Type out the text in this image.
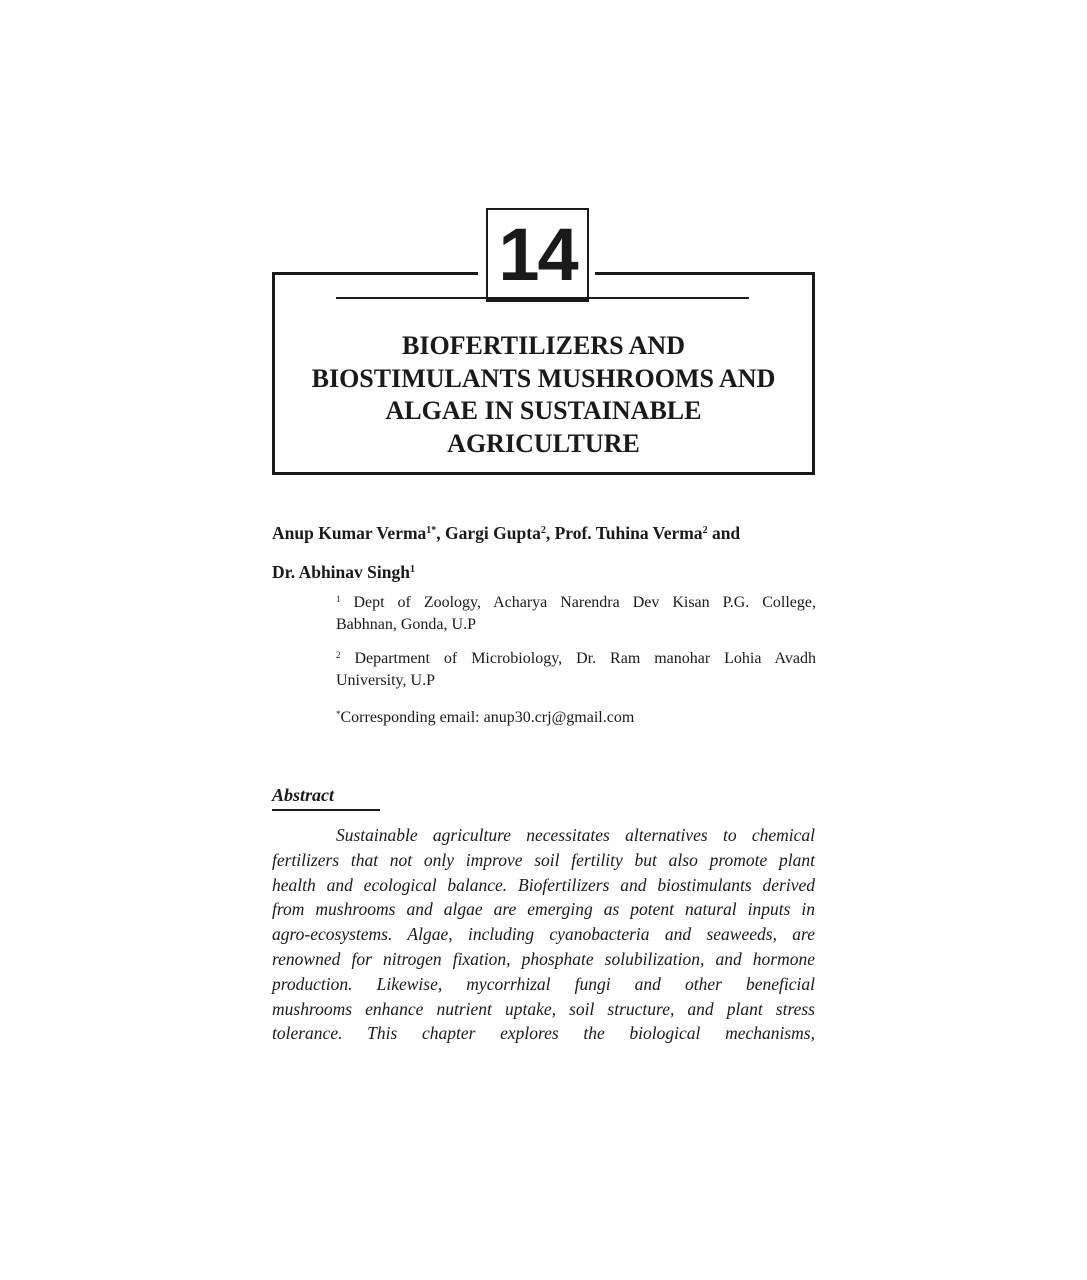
14
BIOFERTILIZERS AND
BIOSTIMULANTS MUSHROOMS AND
ALGAE IN SUSTAINABLE
AGRICULTURE

Anup Kumar Verma$^{1*}$, Gargi Gupta$^2$, Prof. Tuhina Verma$^2$ and
Dr. Abhinav Singh$^1$

$^1$ Dept of Zoology, Acharya Narendra Dev Kisan P.G. College,
Babhnan, Gonda, U.P

$^2$ Department of Microbiology, Dr. Ram manohar Lohia Avadh
University, U.P

*Corresponding email: anup30.crj@gmail.com

Abstract

Sustainable agriculture necessitates alternatives to chemical
fertilizers that not only improve soil fertility but also promote plant
health and ecological balance. Biofertilizers and biostimulants derived
from mushrooms and algae are emerging as potent natural inputs in
agro-ecosystems. Algae, including cyanobacteria and seaweeds, are
renowned for nitrogen fixation, phosphate solubilization, and hormone
production. Likewise, mycorrhizal fungi and other beneficial
mushrooms enhance nutrient uptake, soil structure, and plant stress
tolerance. This chapter explores the biological mechanisms,
